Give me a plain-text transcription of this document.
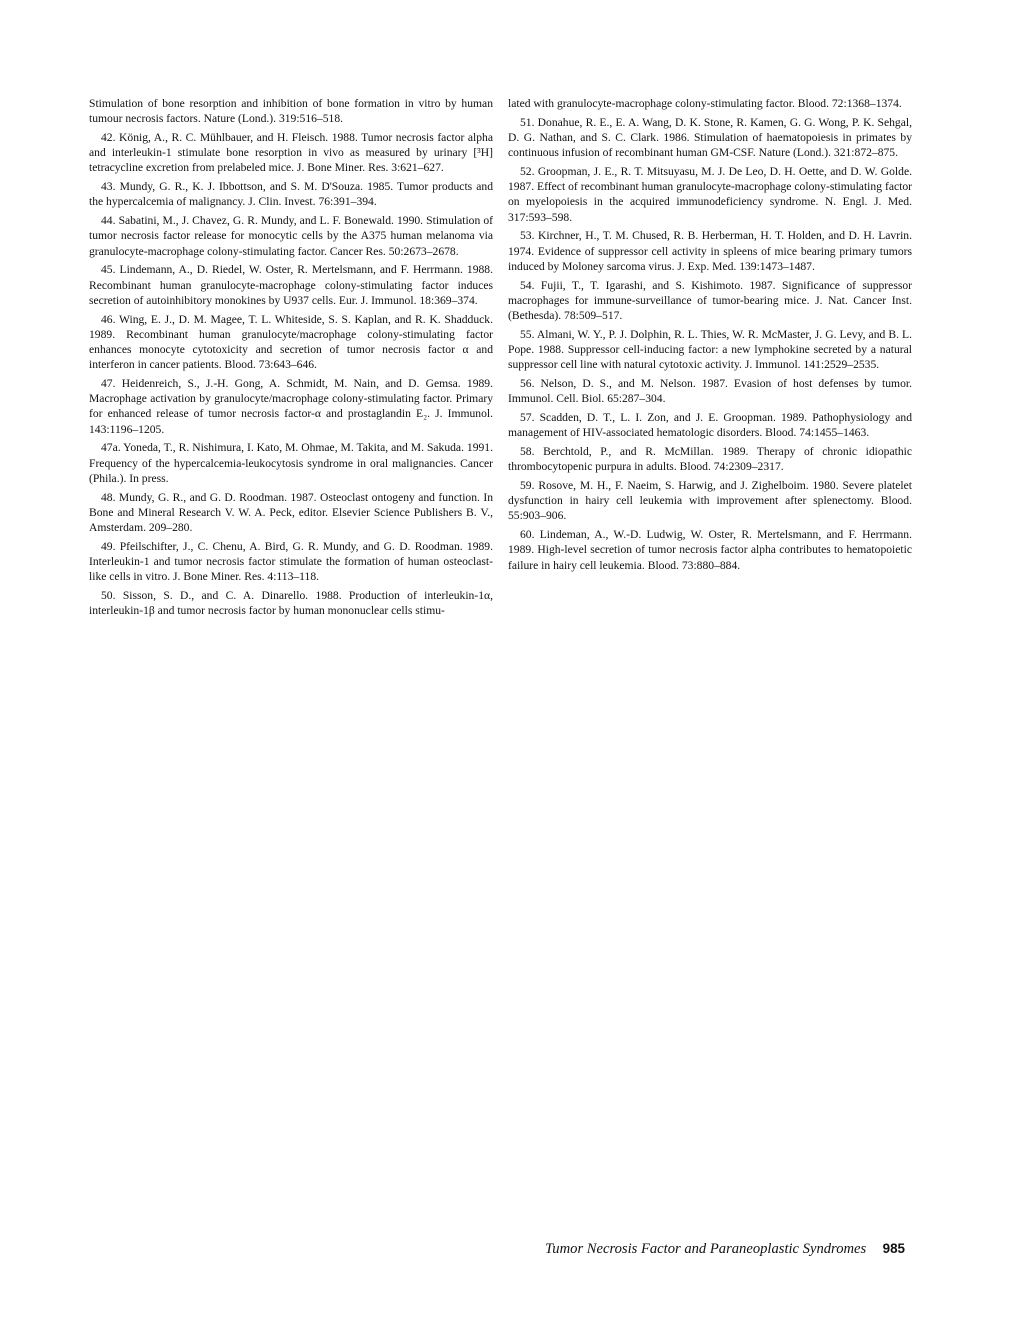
Stimulation of bone resorption and inhibition of bone formation in vitro by human tumour necrosis factors. Nature (Lond.). 319:516–518.

42. König, A., R. C. Mühlbauer, and H. Fleisch. 1988. Tumor necrosis factor alpha and interleukin-1 stimulate bone resorption in vivo as measured by urinary [³H] tetracycline excretion from prelabeled mice. J. Bone Miner. Res. 3:621–627.

43. Mundy, G. R., K. J. Ibbottson, and S. M. D'Souza. 1985. Tumor products and the hypercalcemia of malignancy. J. Clin. Invest. 76:391–394.

44. Sabatini, M., J. Chavez, G. R. Mundy, and L. F. Bonewald. 1990. Stimulation of tumor necrosis factor release for monocytic cells by the A375 human melanoma via granulocyte-macrophage colony-stimulating factor. Cancer Res. 50:2673–2678.

45. Lindemann, A., D. Riedel, W. Oster, R. Mertelsmann, and F. Herrmann. 1988. Recombinant human granulocyte-macrophage colony-stimulating factor induces secretion of autoinhibitory monokines by U937 cells. Eur. J. Immunol. 18:369–374.

46. Wing, E. J., D. M. Magee, T. L. Whiteside, S. S. Kaplan, and R. K. Shadduck. 1989. Recombinant human granulocyte/macrophage colony-stimulating factor enhances monocyte cytotoxicity and secretion of tumor necrosis factor α and interferon in cancer patients. Blood. 73:643–646.

47. Heidenreich, S., J.-H. Gong, A. Schmidt, M. Nain, and D. Gemsa. 1989. Macrophage activation by granulocyte/macrophage colony-stimulating factor. Primary for enhanced release of tumor necrosis factor-α and prostaglandin E₂. J. Immunol. 143:1196–1205.

47a. Yoneda, T., R. Nishimura, I. Kato, M. Ohmae, M. Takita, and M. Sakuda. 1991. Frequency of the hypercalcemia-leukocytosis syndrome in oral malignancies. Cancer (Phila.). In press.

48. Mundy, G. R., and G. D. Roodman. 1987. Osteoclast ontogeny and function. In Bone and Mineral Research V. W. A. Peck, editor. Elsevier Science Publishers B. V., Amsterdam. 209–280.

49. Pfeilschifter, J., C. Chenu, A. Bird, G. R. Mundy, and G. D. Roodman. 1989. Interleukin-1 and tumor necrosis factor stimulate the formation of human osteoclast-like cells in vitro. J. Bone Miner. Res. 4:113–118.

50. Sisson, S. D., and C. A. Dinarello. 1988. Production of interleukin-1α, interleukin-1β and tumor necrosis factor by human mononuclear cells stimu-

lated with granulocyte-macrophage colony-stimulating factor. Blood. 72:1368–1374.

51. Donahue, R. E., E. A. Wang, D. K. Stone, R. Kamen, G. G. Wong, P. K. Sehgal, D. G. Nathan, and S. C. Clark. 1986. Stimulation of haematopoiesis in primates by continuous infusion of recombinant human GM-CSF. Nature (Lond.). 321:872–875.

52. Groopman, J. E., R. T. Mitsuyasu, M. J. De Leo, D. H. Oette, and D. W. Golde. 1987. Effect of recombinant human granulocyte-macrophage colony-stimulating factor on myelopoiesis in the acquired immunodeficiency syndrome. N. Engl. J. Med. 317:593–598.

53. Kirchner, H., T. M. Chused, R. B. Herberman, H. T. Holden, and D. H. Lavrin. 1974. Evidence of suppressor cell activity in spleens of mice bearing primary tumors induced by Moloney sarcoma virus. J. Exp. Med. 139:1473–1487.

54. Fujii, T., T. Igarashi, and S. Kishimoto. 1987. Significance of suppressor macrophages for immune-surveillance of tumor-bearing mice. J. Nat. Cancer Inst. (Bethesda). 78:509–517.

55. Almani, W. Y., P. J. Dolphin, R. L. Thies, W. R. McMaster, J. G. Levy, and B. L. Pope. 1988. Suppressor cell-inducing factor: a new lymphokine secreted by a natural suppressor cell line with natural cytotoxic activity. J. Immunol. 141:2529–2535.

56. Nelson, D. S., and M. Nelson. 1987. Evasion of host defenses by tumor. Immunol. Cell. Biol. 65:287–304.

57. Scadden, D. T., L. I. Zon, and J. E. Groopman. 1989. Pathophysiology and management of HIV-associated hematologic disorders. Blood. 74:1455–1463.

58. Berchtold, P., and R. McMillan. 1989. Therapy of chronic idiopathic thrombocytopenic purpura in adults. Blood. 74:2309–2317.

59. Rosove, M. H., F. Naeim, S. Harwig, and J. Zighelboim. 1980. Severe platelet dysfunction in hairy cell leukemia with improvement after splenectomy. Blood. 55:903–906.

60. Lindeman, A., W.-D. Ludwig, W. Oster, R. Mertelsmann, and F. Herrmann. 1989. High-level secretion of tumor necrosis factor alpha contributes to hematopoietic failure in hairy cell leukemia. Blood. 73:880–884.

Tumor Necrosis Factor and Paraneoplastic Syndromes 985
